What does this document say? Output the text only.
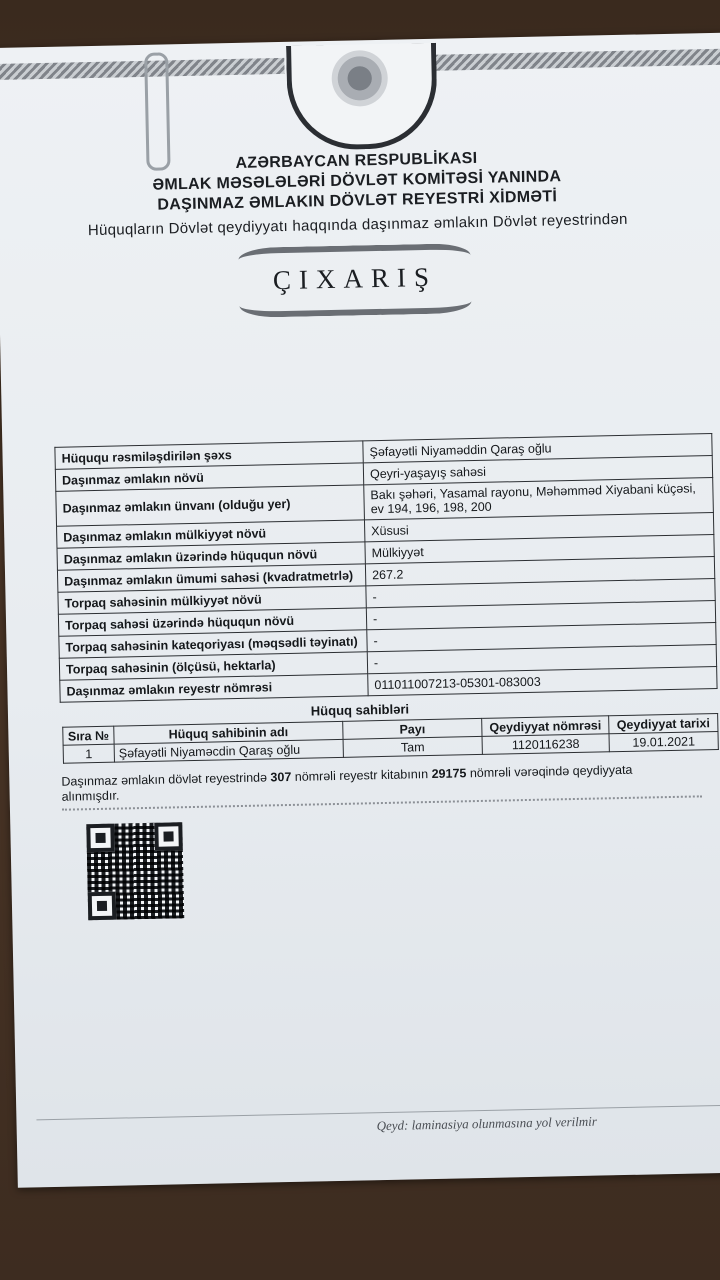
AZƏRBAYCAN RESPUBLİKASI
ƏMLAK MƏSƏLƏLƏRİ DÖVLƏT KOMİTƏSİ YANINDA
DAŞINMAZ ƏMLAKIN DÖVLƏT REYESTRİ XİDMƏTİ
Hüquqların Dövlət qeydiyyatı haqqında daşınmaz əmlakın Dövlət reyestrindən
ÇIXARIŞ
Hüququ rəsmiləşdirilən şəxs	Şəfayətli Niyaməddin Qaraş oğlu
Daşınmaz əmlakın növü	Qeyri-yaşayış sahəsi
Daşınmaz əmlakın ünvanı (olduğu yer)	Bakı şəhəri, Yasamal rayonu, Məhəmməd Xiyabani küçəsi, ev 194, 196, 198, 200
Daşınmaz əmlakın mülkiyyət növü	Xüsusi
Daşınmaz əmlakın üzərində hüququn növü	Mülkiyyət
Daşınmaz əmlakın ümumi sahəsi (kvadratmetrlə)	267.2
Torpaq sahəsinin mülkiyyət növü	-
Torpaq sahəsi üzərində hüququn növü	-
Torpaq sahəsinin kateqoriyası (məqsədli təyinatı)	-
Torpaq sahəsinin (ölçüsü, hektarla)	-
Daşınmaz əmlakın reyestr nömrəsi	011011007213-05301-083003
Hüquq sahibləri
Sıra №	Hüquq sahibinin adı	Payı	Qeydiyyat nömrəsi	Qeydiyyat tarixi
1	Şəfayətli Niyaməcdin Qaraş oğlu	Tam	1120116238	19.01.2021
Daşınmaz əmlakın dövlət reyestrində 307 nömrəli reyestr kitabının 29175 nömrəli vərəqində qeydiyyata alınmışdır.
Qeyd: laminasiya olunmasına yol verilmir
